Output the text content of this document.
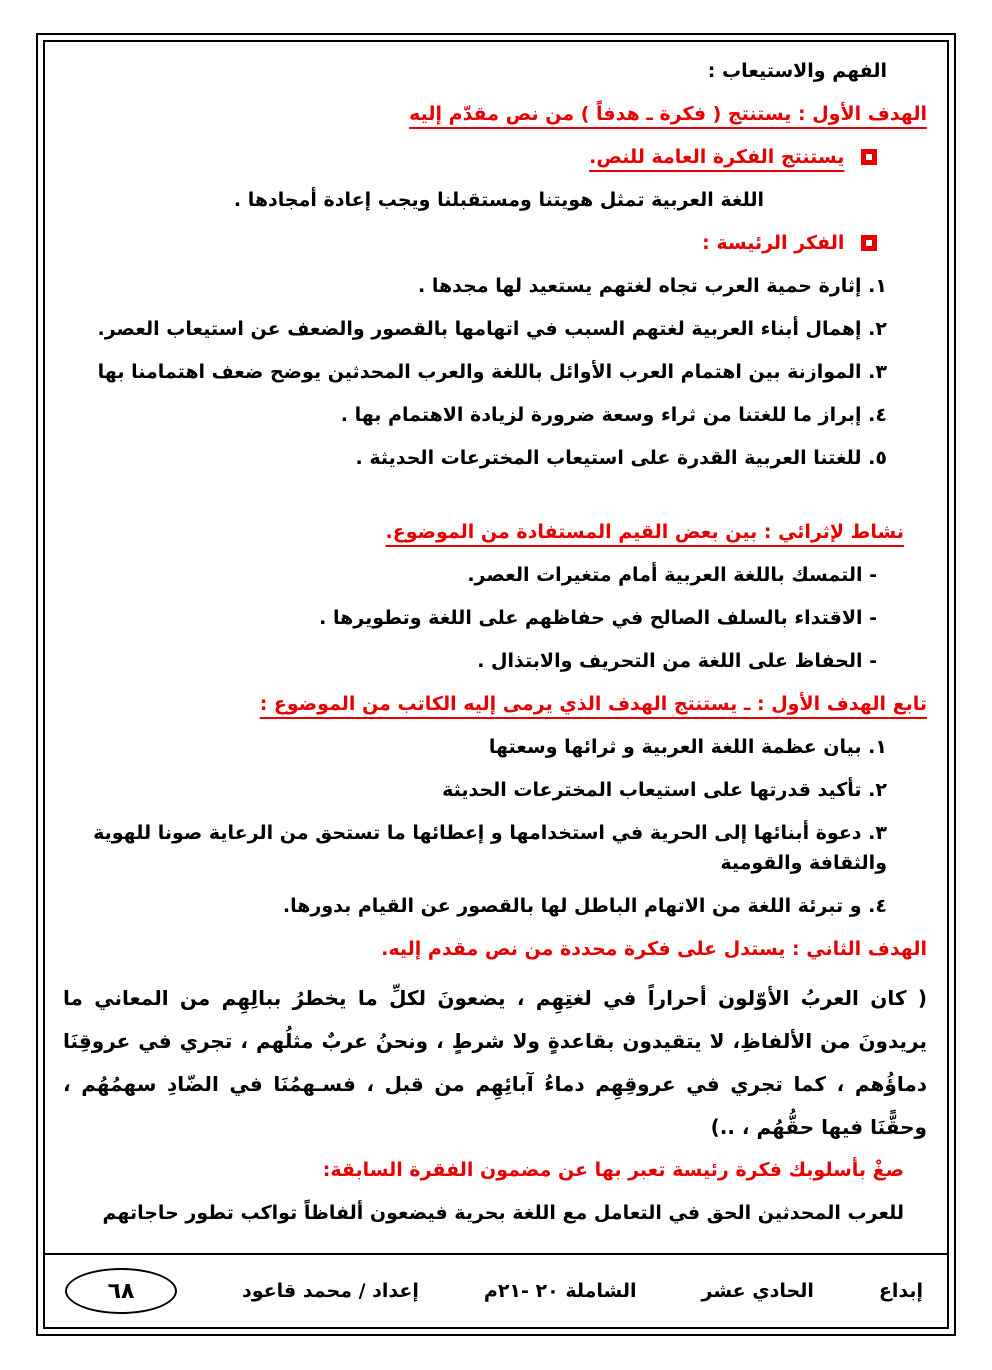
الفهم والاستيعاب :
الهدف الأول : يستنتج ( فكرة ـ هدفاً ) من نص مقدّم إليه
يستنتج الفكرة العامة للنص.
اللغة العربية تمثل هويتنا ومستقبلنا ويجب إعادة أمجادها .
الفكر الرئيسة :
١. إثارة حمية العرب تجاه لغتهم يستعيد لها مجدها .
٢. إهمال أبناء العربية لغتهم السبب في اتهامها بالقصور والضعف عن استيعاب العصر.
٣. الموازنة بين اهتمام العرب الأوائل باللغة والعرب المحدثين يوضح ضعف اهتمامنا بها
٤. إبراز ما للغتنا من ثراء وسعة ضرورة لزيادة الاهتمام بها .
٥. للغتنا العربية القدرة على استيعاب المخترعات الحديثة .
نشاط لإثرائي : بين بعض القيم المستفادة من الموضوع.
- التمسك باللغة العربية أمام متغيرات العصر.
- الاقتداء بالسلف الصالح في حفاظهم على اللغة وتطويرها .
- الحفاظ على اللغة من التحريف والابتذال .
تابع الهدف الأول : ـ يستنتج الهدف الذي يرمى إليه الكاتب من الموضوع :
١. بيان عظمة اللغة العربية و ثرائها وسعتها
٢. تأكيد قدرتها على استيعاب المخترعات الحديثة
٣. دعوة أبنائها إلى الحرية في استخدامها و إعطائها ما تستحق من الرعاية صونا للهوية والثقافة والقومية
٤. و تبرئة اللغة من الاتهام الباطل لها بالقصور عن القيام بدورها.
الهدف الثاني : يستدل على فكرة محددة من نص مقدم إليه.
( كان العربُ الأوّلون أحراراً في لغتِهِم ، يضعونَ لكلِّ ما يخطرُ ببالِهِم من المعاني ما يريدونَ من الألفاظِ، لا يتقيدون بقاعدةٍ ولا شرطٍ ، ونحنُ عربٌ مثلُهم ، تجري في عروقِنَا دماؤُهم ، كما تجري في عروقِهِم دماءُ آبائِهِم من قبل ، فسـهمُنَا في الضّادِ سهمُهُم ، وحقًّنَا فيها حقُّهُم ، ..)
صغْ بأسلوبك فكرة رئيسة تعبر بها عن مضمون الفقرة السابقة:
للعرب المحدثين الحق في التعامل مع اللغة بحرية فيضعون ألفاظاً تواكب تطور حاجاتهم
إبداع
الحادي عشر
الشاملة ٢٠ -٢١م
إعداد / محمد قاعود
٦٨
